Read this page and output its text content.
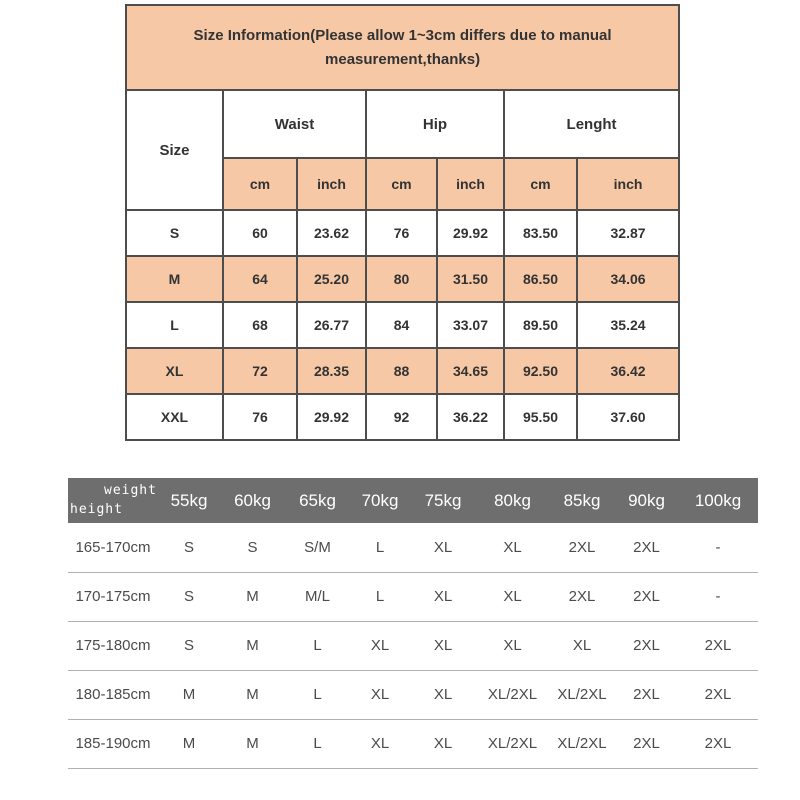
Size Information(Please allow 1~3cm differs due to manual measurement,thanks)						
Size	Waist		Hip		Lenght	
	cm	inch	cm	inch	cm	inch
S	60	23.62	76	29.92	83.50	32.87
M	64	25.20	80	31.50	86.50	34.06
L	68	26.77	84	33.07	89.50	35.24
XL	72	28.35	88	34.65	92.50	36.42
XXL	76	29.92	92	36.22	95.50	37.60
weight
height	55kg	60kg	65kg	70kg	75kg	80kg	85kg	90kg	100kg
165-170cm	S	S	S/M	L	XL	XL	2XL	2XL	-
170-175cm	S	M	M/L	L	XL	XL	2XL	2XL	-
175-180cm	S	M	L	XL	XL	XL	XL	2XL	2XL
180-185cm	M	M	L	XL	XL	XL/2XL	XL/2XL	2XL	2XL
185-190cm	M	M	L	XL	XL	XL/2XL	XL/2XL	2XL	2XL
